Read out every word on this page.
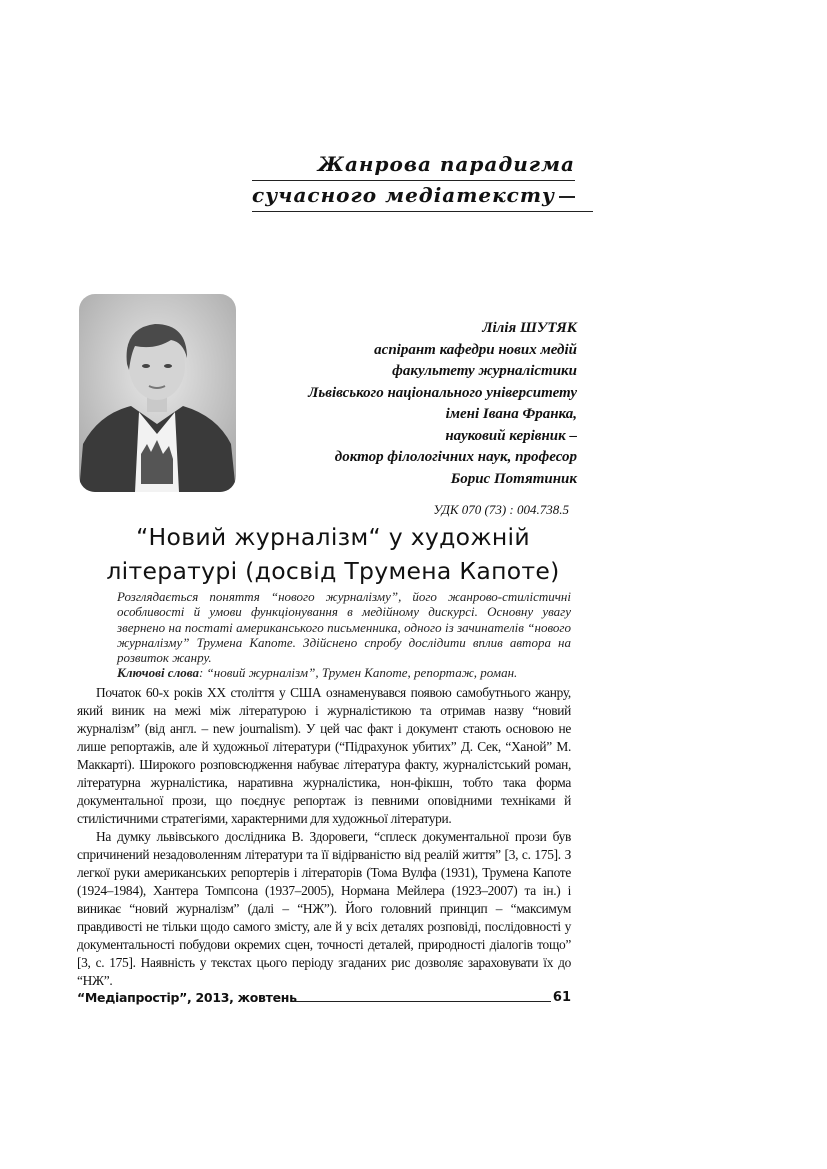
Жанрова парадигма
сучасного медіатексту
Лілія ШУТЯК
аспірант кафедри нових медій
факультету журналістики
Львівського національного університету
імені Івана Франка,
науковий керівник –
доктор філологічних наук, професор
Борис Потятиник
УДК 070 (73) : 004.738.5
“Новий журналізм“ у художній
літературі (досвід Трумена Капоте)
Розглядається поняття “нового журналізму”, його жанрово-стилістичні особливості й умови функціонування в медійному дискурсі. Основну увагу звернено на постаті американського письменника, одного із зачинателів “нового журналізму” Трумена Капоте. Здійснено спробу дослідити вплив автора на розвиток жанру.
Ключові слова: “новий журналізм”, Трумен Капоте, репортаж, роман.

Початок 60-х років ХХ століття у США ознаменувався появою самобутнього жанру, який виник на межі між літературою і журналістикою та отримав назву “новий журналізм” (від англ. – new journalism). У цей час факт і документ стають основою не лише репортажів, але й художньої літератури (“Підрахунок убитих” Д. Сек, “Ханой” М. Маккарті). Широкого розповсюдження набуває література факту, журналістський роман, літературна журналістика, наративна журналістика, нон-фікшн, тобто така форма документальної прози, що поєднує репортаж із певними оповідними техніками й стилістичними стратегіями, характерними для художньої літератури.

На думку львівського дослідника В. Здоровеги, “сплеск документальної прози був спричинений незадоволенням літератури та її відірваністю від реалій життя” [3, с. 175]. З легкої руки американських репортерів і літераторів (Тома Вулфа (1931), Трумена Капоте (1924–1984), Хантера Томпсона (1937–2005), Нормана Мейлера (1923–2007) та ін.) і виникає “новий журналізм” (далі – “НЖ”). Його головний принцип – “максимум правдивості не тільки щодо самого змісту, але й у всіх деталях розповіді, послідовності у документальності побудови окремих сцен, точності деталей, природності діалогів тощо” [3, с. 175]. Наявність у текстах цього періоду згаданих рис дозволяє зараховувати їх до “НЖ”.

“Медіапростір”, 2013, жовтень	61
